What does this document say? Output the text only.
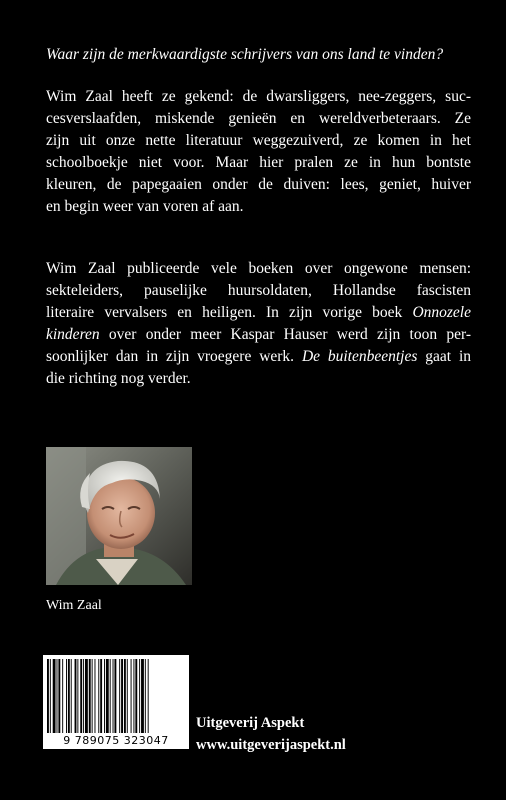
Waar zijn de merkwaardigste schrijvers van ons land te vinden?
Wim Zaal heeft ze gekend: de dwarsliggers, nee-zeggers, suc-
cesverslaafden, miskende genieën en wereldverbeteraars. Ze
zijn uit onze nette literatuur weggezuiverd, ze komen in het
schoolboekje niet voor. Maar hier pralen ze in hun bontste
kleuren, de papegaaien onder de duiven: lees, geniet, huiver
en begin weer van voren af aan.
Wim Zaal publiceerde vele boeken over ongewone mensen:
sekteleiders, pauselijke huursoldaten, Hollandse fascisten
literaire vervalsers en heiligen. In zijn vorige boek Onnozele
kinderen over onder meer Kaspar Hauser werd zijn toon per-
soonlijker dan in zijn vroegere werk. De buitenbeentjes gaat in
die richting nog verder.
Wim Zaal
9 789075 323047
Uitgeverij Aspekt
www.uitgeverijaspekt.nl
